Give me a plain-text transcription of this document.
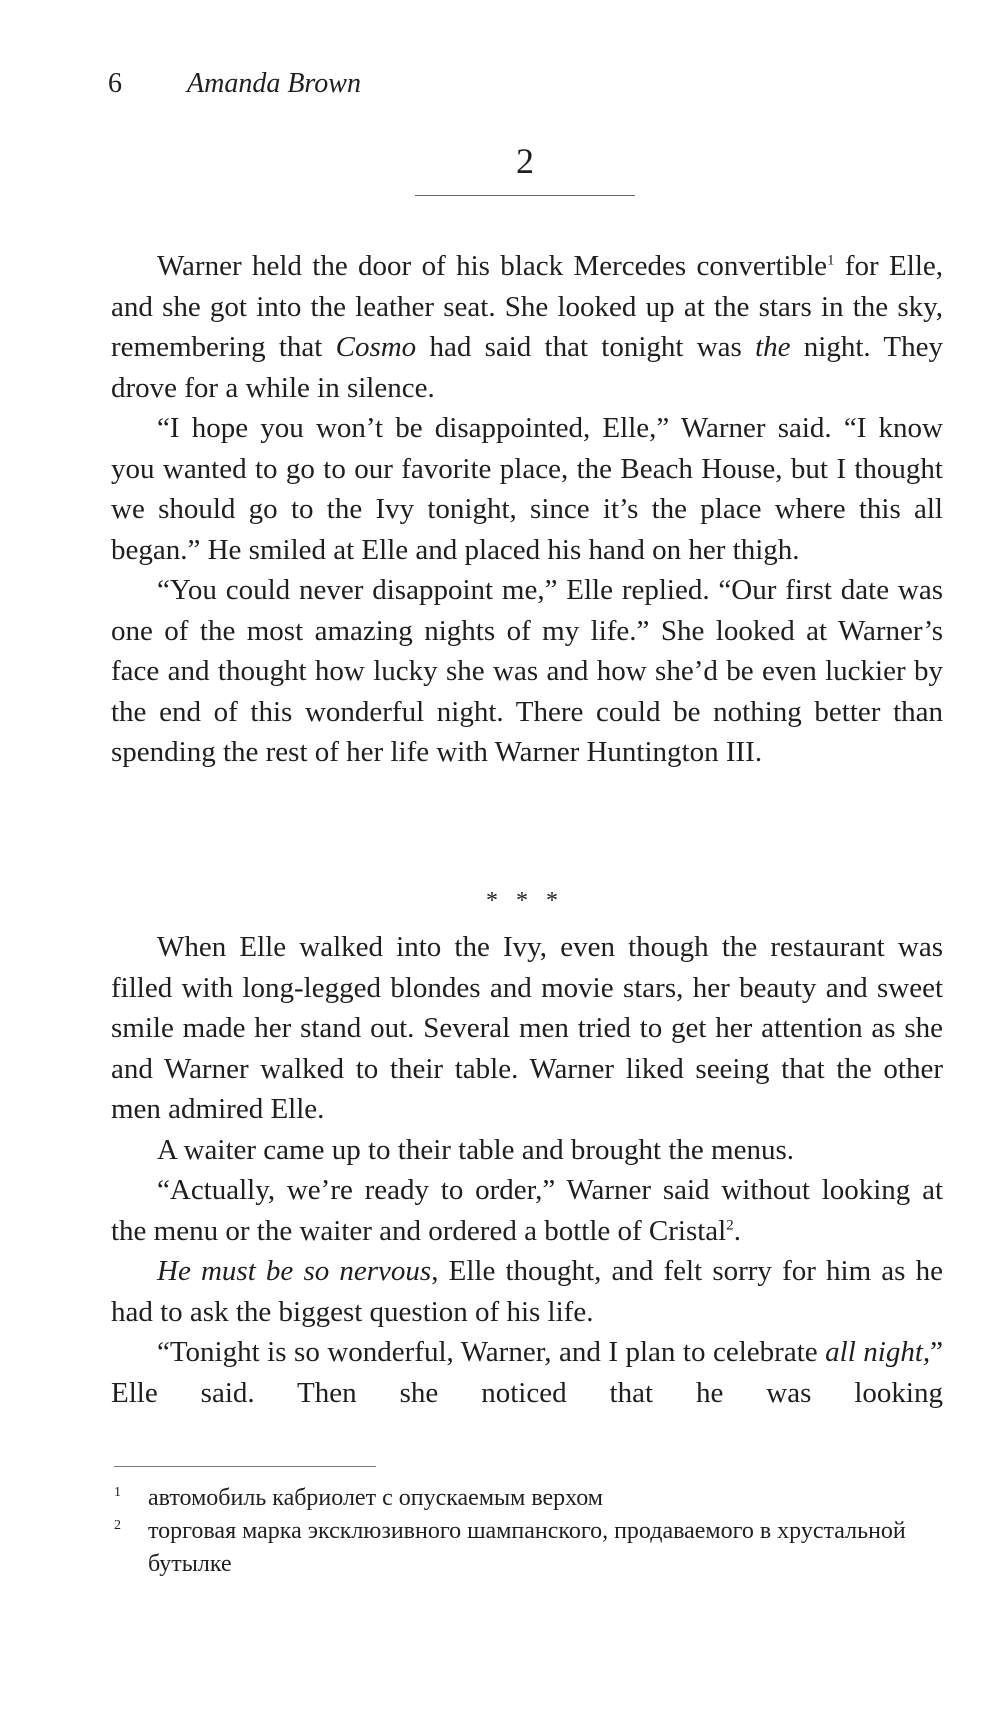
6 Amanda Brown
2

Warner held the door of his black Mercedes convertible$^1$ for Elle, and she got into the leather seat. She looked up at the stars in the sky, remembering that Cosmo had said that tonight was the night. They drove for a while in silence.

“I hope you won’t be disappointed, Elle,” Warner said. “I know you wanted to go to our favorite place, the Beach House, but I thought we should go to the Ivy tonight, since it’s the place where this all began.” He smiled at Elle and placed his hand on her thigh.

“You could never disappoint me,” Elle replied. “Our first date was one of the most amazing nights of my life.” She looked at Warner’s face and thought how lucky she was and how she’d be even luckier by the end of this wonderful night. There could be nothing better than spending the rest of her life with Warner Huntington III.

* * *

When Elle walked into the Ivy, even though the restaurant was filled with long-legged blondes and movie stars, her beauty and sweet smile made her stand out. Several men tried to get her attention as she and Warner walked to their table. Warner liked seeing that the other men admired Elle.

A waiter came up to their table and brought the menus.

“Actually, we’re ready to order,” Warner said without looking at the menu or the waiter and ordered a bottle of Cristal$^2$.

He must be so nervous, Elle thought, and felt sorry for him as he had to ask the biggest question of his life.

“Tonight is so wonderful, Warner, and I plan to celebrate all night,” Elle said. Then she noticed that he was looking

1 автомобиль кабриолет с опускаемым верхом
2 торговая марка эксклюзивного шампанского, продаваемого в хрустальной бутылке
